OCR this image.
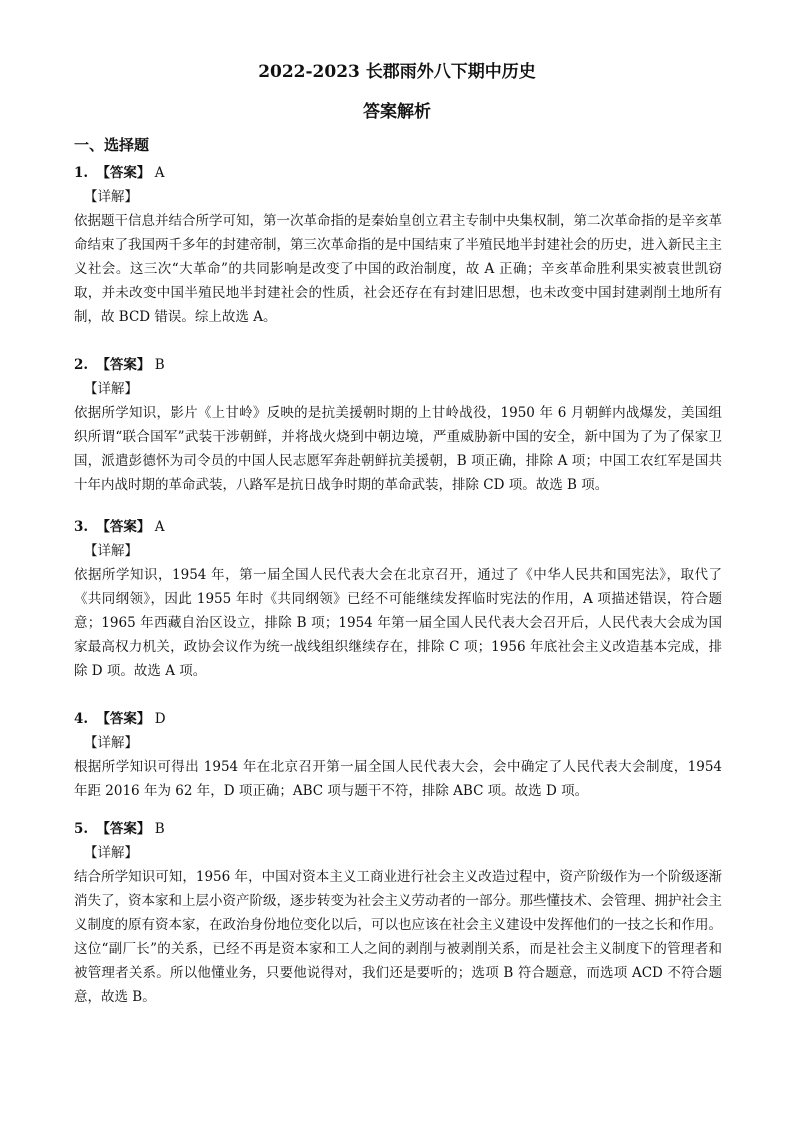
2022-2023 长郡雨外八下期中历史
答案解析
一、选择题
1. 【答案】 A
【详解】

依据题干信息并结合所学可知，第一次革命指的是秦始皇创立君主专制中央集权制，第二次革命指的是辛亥革命结束了我国两千多年的封建帝制，第三次革命指的是中国结束了半殖民地半封建社会的历史，进入新民主主义社会。这三次“大革命”的共同影响是改变了中国的政治制度，故 A 正确；辛亥革命胜利果实被袁世凯窃取，并未改变中国半殖民地半封建社会的性质，社会还存在有封建旧思想，也未改变中国封建剥削土地所有制，故 BCD 错误。综上故选 A。

2. 【答案】 B
【详解】

依据所学知识，影片《上甘岭》反映的是抗美援朝时期的上甘岭战役，1950 年 6 月朝鲜内战爆发，美国组织所谓“联合国军”武装干涉朝鲜，并将战火烧到中朝边境，严重威胁新中国的安全，新中国为了为了保家卫国，派遣彭德怀为司令员的中国人民志愿军奔赴朝鲜抗美援朝，B 项正确，排除 A 项；中国工农红军是国共十年内战时期的革命武装，八路军是抗日战争时期的革命武装，排除 CD 项。故选 B 项。

3. 【答案】 A
【详解】

依据所学知识，1954 年，第一届全国人民代表大会在北京召开，通过了《中华人民共和国宪法》，取代了《共同纲领》，因此 1955 年时《共同纲领》已经不可能继续发挥临时宪法的作用，A 项描述错误，符合题意；1965 年西藏自治区设立，排除 B 项；1954 年第一届全国人民代表大会召开后，人民代表大会成为国家最高权力机关，政协会议作为统一战线组织继续存在，排除 C 项；1956 年底社会主义改造基本完成，排除 D 项。故选 A 项。

4. 【答案】 D
【详解】

根据所学知识可得出 1954 年在北京召开第一届全国人民代表大会，会中确定了人民代表大会制度，1954 年距 2016 年为 62 年，D 项正确；ABC 项与题干不符，排除 ABC 项。故选 D 项。

5. 【答案】 B
【详解】

结合所学知识可知，1956 年，中国对资本主义工商业进行社会主义改造过程中，资产阶级作为一个阶级逐渐消失了，资本家和上层小资产阶级，逐步转变为社会主义劳动者的一部分。那些懂技术、会管理、拥护社会主义制度的原有资本家，在政治身份地位变化以后，可以也应该在社会主义建设中发挥他们的一技之长和作用。这位“副厂长”的关系，已经不再是资本家和工人之间的剥削与被剥削关系，而是社会主义制度下的管理者和被管理者关系。所以他懂业务，只要他说得对，我们还是要听的；选项 B 符合题意，而选项 ACD 不符合题意，故选 B。
